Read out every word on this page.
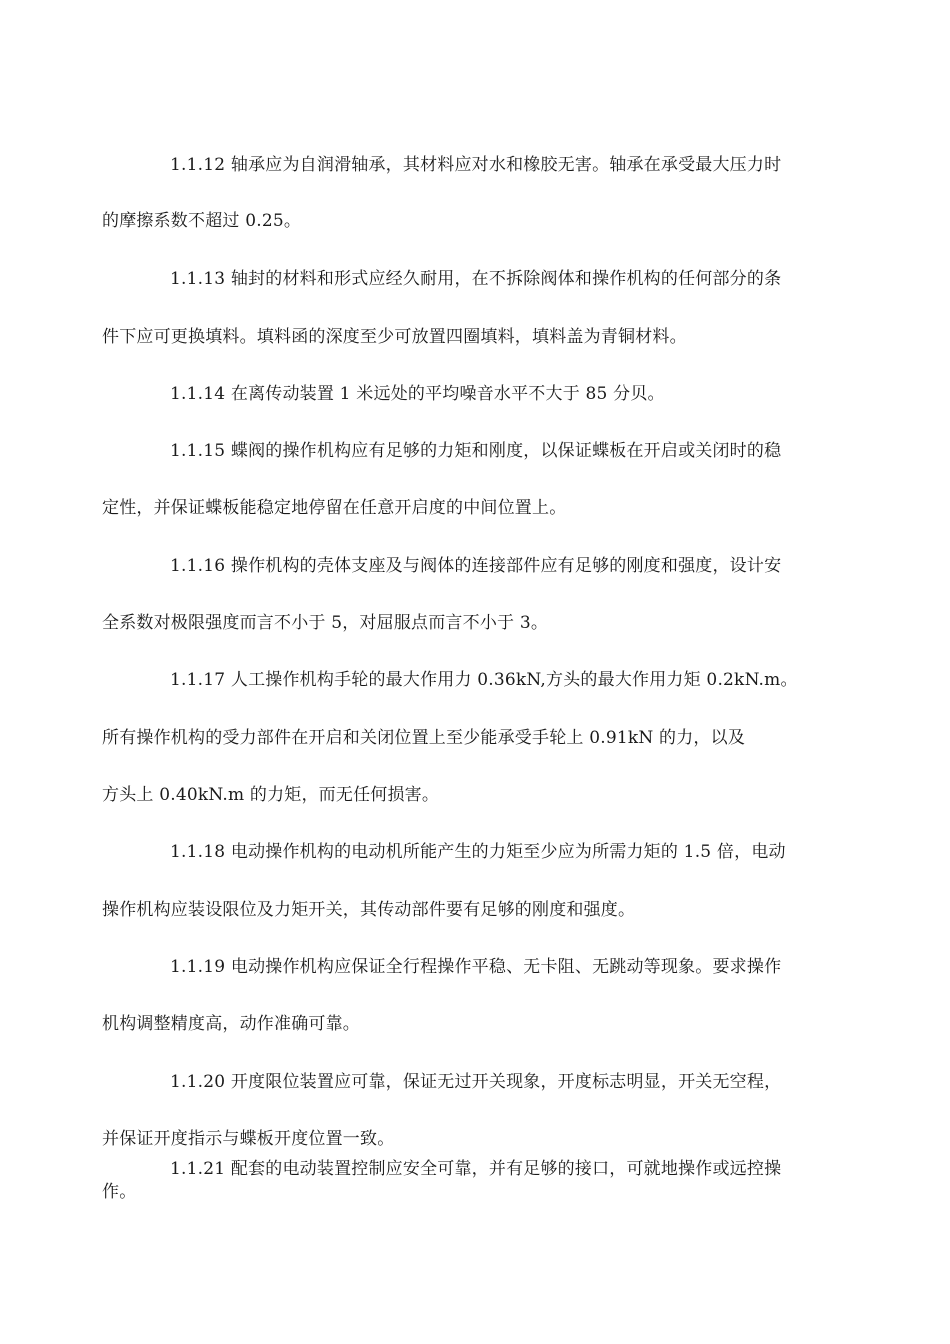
1.1.12 轴承应为自润滑轴承，其材料应对水和橡胶无害。轴承在承受最大压力时
的摩擦系数不超过 0.25。
1.1.13 轴封的材料和形式应经久耐用，在不拆除阀体和操作机构的任何部分的条
件下应可更换填料。填料函的深度至少可放置四圈填料，填料盖为青铜材料。
1.1.14 在离传动装置 1 米远处的平均噪音水平不大于 85 分贝。
1.1.15 蝶阀的操作机构应有足够的力矩和刚度，以保证蝶板在开启或关闭时的稳
定性，并保证蝶板能稳定地停留在任意开启度的中间位置上。
1.1.16 操作机构的壳体支座及与阀体的连接部件应有足够的刚度和强度，设计安
全系数对极限强度而言不小于 5，对屈服点而言不小于 3。
1.1.17 人工操作机构手轮的最大作用力 0.36kN,方头的最大作用力矩 0.2kN.m。
所有操作机构的受力部件在开启和关闭位置上至少能承受手轮上 0.91kN 的力，以及
方头上 0.40kN.m 的力矩，而无任何损害。
1.1.18 电动操作机构的电动机所能产生的力矩至少应为所需力矩的 1.5 倍，电动
操作机构应装设限位及力矩开关，其传动部件要有足够的刚度和强度。
1.1.19 电动操作机构应保证全行程操作平稳、无卡阻、无跳动等现象。要求操作
机构调整精度高，动作准确可靠。
1.1.20 开度限位装置应可靠，保证无过开关现象，开度标志明显，开关无空程，
并保证开度指示与蝶板开度位置一致。
1.1.21 配套的电动装置控制应安全可靠，并有足够的接口，可就地操作或远控操
作。
